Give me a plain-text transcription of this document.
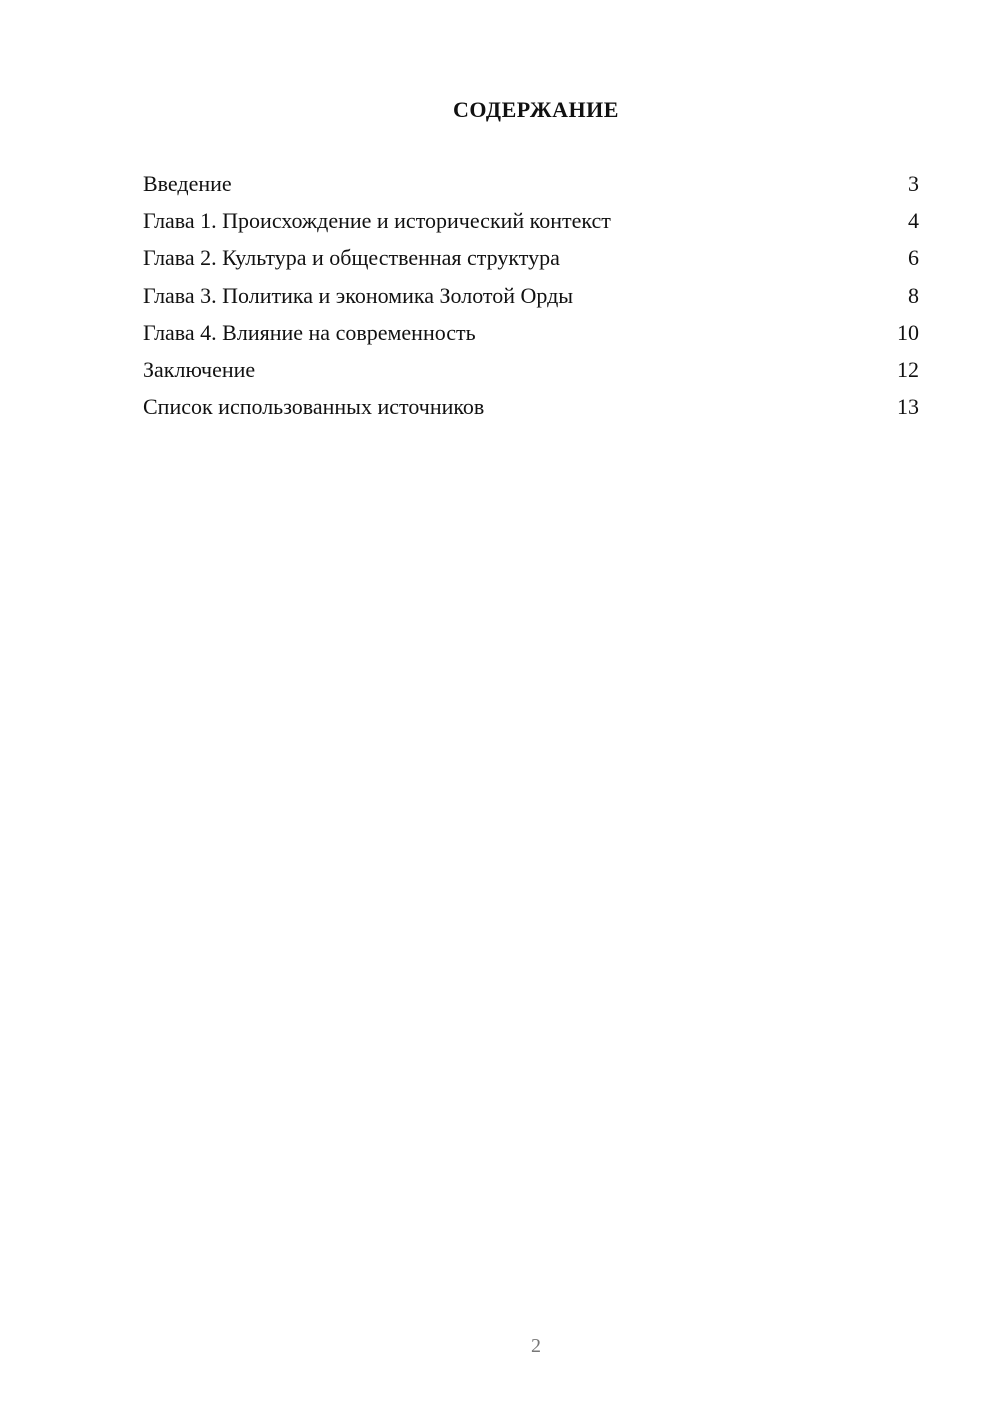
СОДЕРЖАНИЕ
Введение	3
Глава 1. Происхождение и исторический контекст	4
Глава 2. Культура и общественная структура	6
Глава 3. Политика и экономика Золотой Орды	8
Глава 4. Влияние на современность	10
Заключение	12
Список использованных источников	13
2
